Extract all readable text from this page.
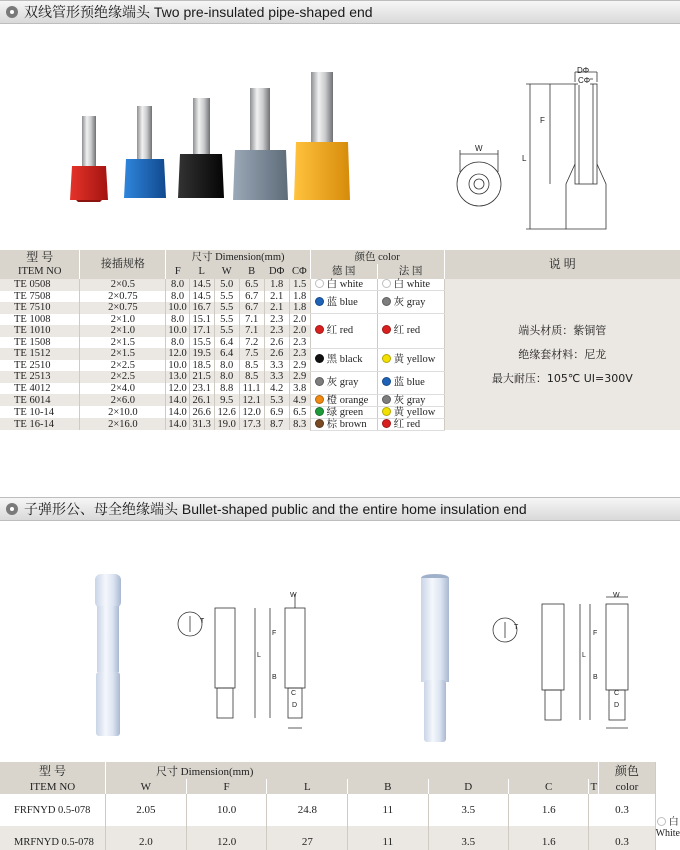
双线管形预绝缘端头 Two pre-insulated pipe-shaped end
DΦ
CΦ
F
L
W
型 号	接插规格	尺寸 Dimension(mm)						颜色 color		说 明
ITEM NO		F	L	W	B	DΦ	CΦ	德 国	法 国	
TE 0508	2×0.5	8.0	14.5	5.0	6.5	1.8	1.5	白 white	白 white	端头材质：紫铜管
绝缘套材料：尼龙
最大耐压：105℃ UI=300V

TE 7508	2×0.75	8.0	14.5	5.5	6.7	2.1	1.8	蓝 blue	灰 gray	
TE 7510	2×0.75	10.0	16.7	5.5	6.7	2.1	1.8			
TE 1008	2×1.0	8.0	15.1	5.5	7.1	2.3	2.0	红 red	红 red	
TE 1010	2×1.0	10.0	17.1	5.5	7.1	2.3	2.0			
TE 1508	2×1.5	8.0	15.5	6.4	7.2	2.6	2.3			
TE 1512	2×1.5	12.0	19.5	6.4	7.5	2.6	2.3	黑 black	黄 yellow	
TE 2510	2×2.5	10.0	18.5	8.0	8.5	3.3	2.9			
TE 2513	2×2.5	13.0	21.5	8.0	8.5	3.3	2.9	灰 gray	蓝 blue	
TE 4012	2×4.0	12.0	23.1	8.8	11.1	4.2	3.8			
TE 6014	2×6.0	14.0	26.1	9.5	12.1	5.3	4.9	橙 orange	灰 gray	
TE 10-14	2×10.0	14.0	26.6	12.6	12.0	6.9	6.5	绿 green	黄 yellow	
TE 16-14	2×16.0	14.0	31.3	19.0	17.3	8.7	8.3	棕 brown	红 red	
子弹形公、母全绝缘端头 Bullet-shaped public and the entire home insulation end
W
T
F
L
B
C
D
W
T
F
L
B
C
D
型 号	尺寸 Dimension(mm)							颜色	
ITEM NO	W	F	L	B	D	C	T	color	
FRFNYD 0.5-078	2.05	10.0	24.8	11	3.5	1.6	0.3		白 White
MRFNYD 0.5-078	2.0	12.0	27	11	3.5	1.6	0.3		
